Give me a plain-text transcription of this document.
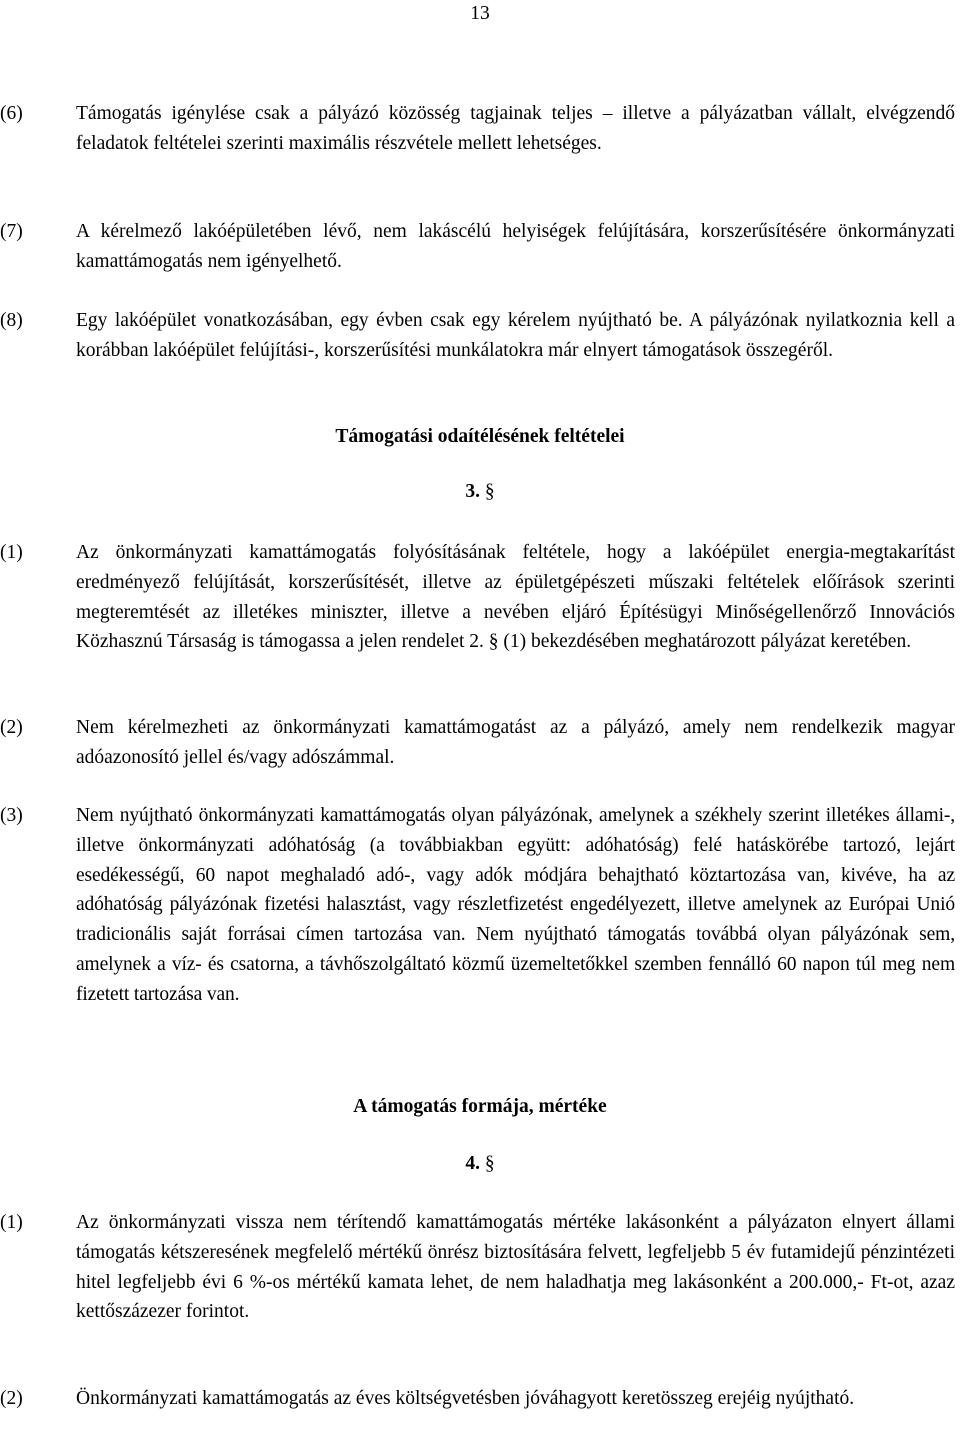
13
(6)	Támogatás igénylése csak a pályázó közösség tagjainak teljes – illetve a pályázatban vállalt, elvégzendő feladatok feltételei szerinti maximális részvétele mellett lehetséges.
(7)	A kérelmező lakóépületében lévő, nem lakáscélú helyiségek felújítására, korszerűsítésére önkormányzati kamattámogatás nem igényelhető.
(8)	Egy lakóépület vonatkozásában, egy évben csak egy kérelem nyújtható be. A pályázónak nyilatkoznia kell a korábban lakóépület felújítási-, korszerűsítési munkálatokra már elnyert támogatások összegéről.
Támogatási odaítélésének feltételei
3. §
(1)	Az önkormányzati kamattámogatás folyósításának feltétele, hogy a lakóépület energia-megtakarítást eredményező felújítását, korszerűsítését, illetve az épületgépészeti műszaki feltételek előírások szerinti megteremtését az illetékes miniszter, illetve a nevében eljáró Építésügyi Minőségellenőrző Innovációs Közhasznú Társaság is támogassa a jelen rendelet 2. § (1) bekezdésében meghatározott pályázat keretében.
(2)	Nem kérelmezheti az önkormányzati kamattámogatást az a pályázó, amely nem rendelkezik magyar adóazonosító jellel és/vagy adószámmal.
(3)	Nem nyújtható önkormányzati kamattámogatás olyan pályázónak, amelynek a székhely szerint illetékes állami-, illetve önkormányzati adóhatóság (a továbbiakban együtt: adóhatóság) felé hatáskörébe tartozó, lejárt esedékességű, 60 napot meghaladó adó-, vagy adók módjára behajtható köztartozása van, kivéve, ha az adóhatóság pályázónak fizetési halasztást, vagy részletfizetést engedélyezett, illetve amelynek az Európai Unió tradicionális saját forrásai címen tartozása van. Nem nyújtható támogatás továbbá olyan pályázónak sem, amelynek a víz- és csatorna, a távhőszolgáltató közmű üzemeltetőkkel szemben fennálló 60 napon túl meg nem fizetett tartozása van.
A támogatás formája, mértéke
4. §
(1)	Az önkormányzati vissza nem térítendő kamattámogatás mértéke lakásonként a pályázaton elnyert állami támogatás kétszeresének megfelelő mértékű önrész biztosítására felvett, legfeljebb 5 év futamidejű pénzintézeti hitel legfeljebb évi 6 %-os mértékű kamata lehet, de nem haladhatja meg lakásonként a 200.000,- Ft-ot, azaz kettőszázezer forintot.
(2)	Önkormányzati kamattámogatás az éves költségvetésben jóváhagyott keretösszeg erejéig nyújtható.
